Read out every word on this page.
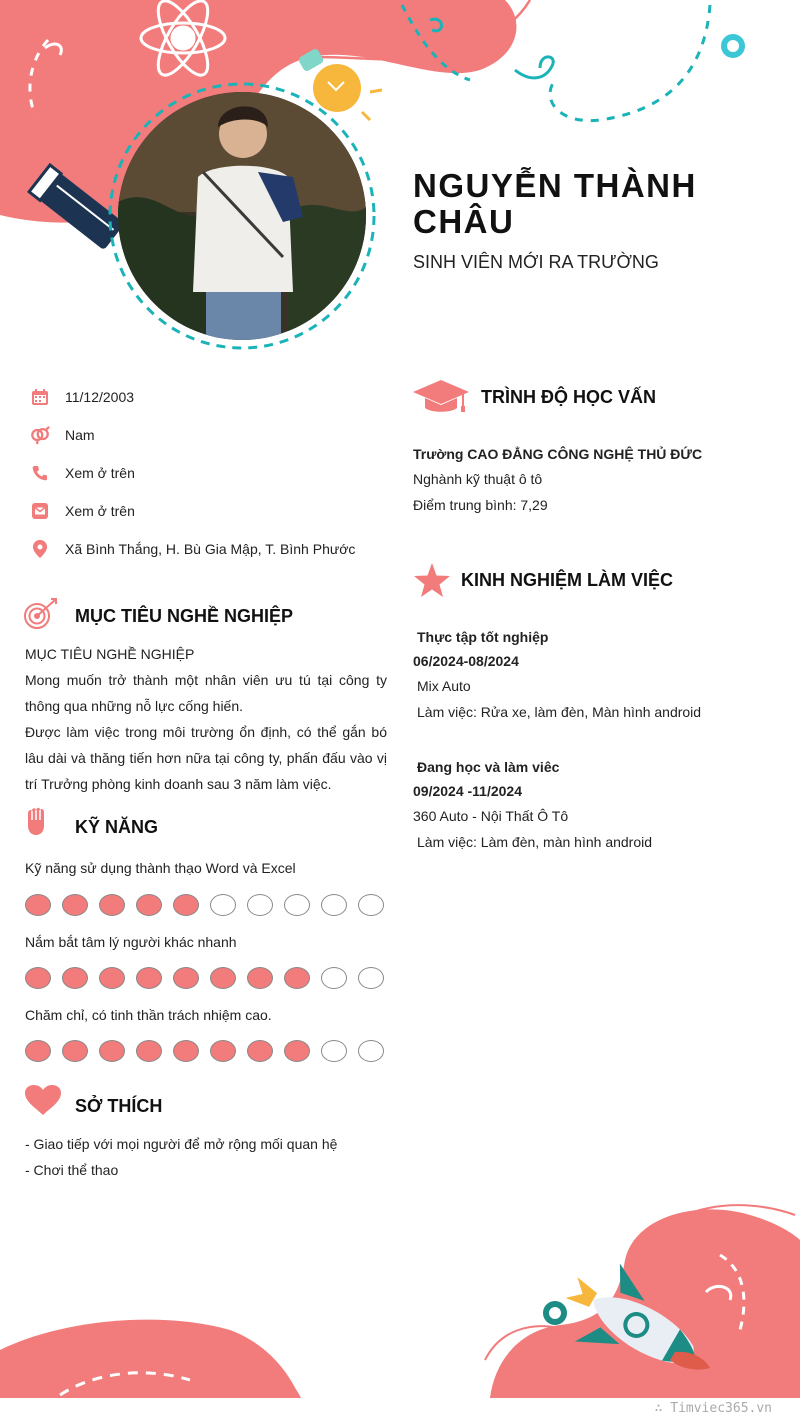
NGUYỄN THÀNH CHÂU
SINH VIÊN MỚI RA TRƯỜNG
11/12/2003
Nam
Xem ở trên
Xem ở trên
Xã Bình Thắng, H. Bù Gia Mập, T. Bình Phước
MỤC TIÊU NGHỀ NGHIỆP
MỤC TIÊU NGHỀ NGHIỆP
Mong muốn trở thành một nhân viên ưu tú tại công ty thông qua những nỗ lực cống hiến.
Được làm việc trong môi trường ổn định, có thể gắn bó lâu dài và thăng tiến hơn nữa tại công ty, phấn đấu vào vị trí Trưởng phòng kinh doanh sau 3 năm làm việc.
KỸ NĂNG
Kỹ năng sử dụng thành thạo Word và Excel
Nắm bắt tâm lý người khác nhanh
Chăm chỉ, có tinh thần trách nhiệm cao.
SỞ THÍCH
- Giao tiếp với mọi người để mở rộng mối quan hệ
- Chơi thể thao
TRÌNH ĐỘ HỌC VẤN
Trường CAO ĐẲNG CÔNG NGHỆ THỦ ĐỨC
Nghành kỹ thuật ô tô
Điểm trung bình: 7,29
KINH NGHIỆM LÀM VIỆC
Thực tập tốt nghiệp
06/2024-08/2024
Mix Auto
Làm việc: Rửa xe, làm đèn, Màn hình android
Đang học và làm viêc
09/2024 -11/2024
360 Auto - Nội Thất Ô Tô
Làm việc: Làm đèn, màn hình android
∴ Timviec365.vn
